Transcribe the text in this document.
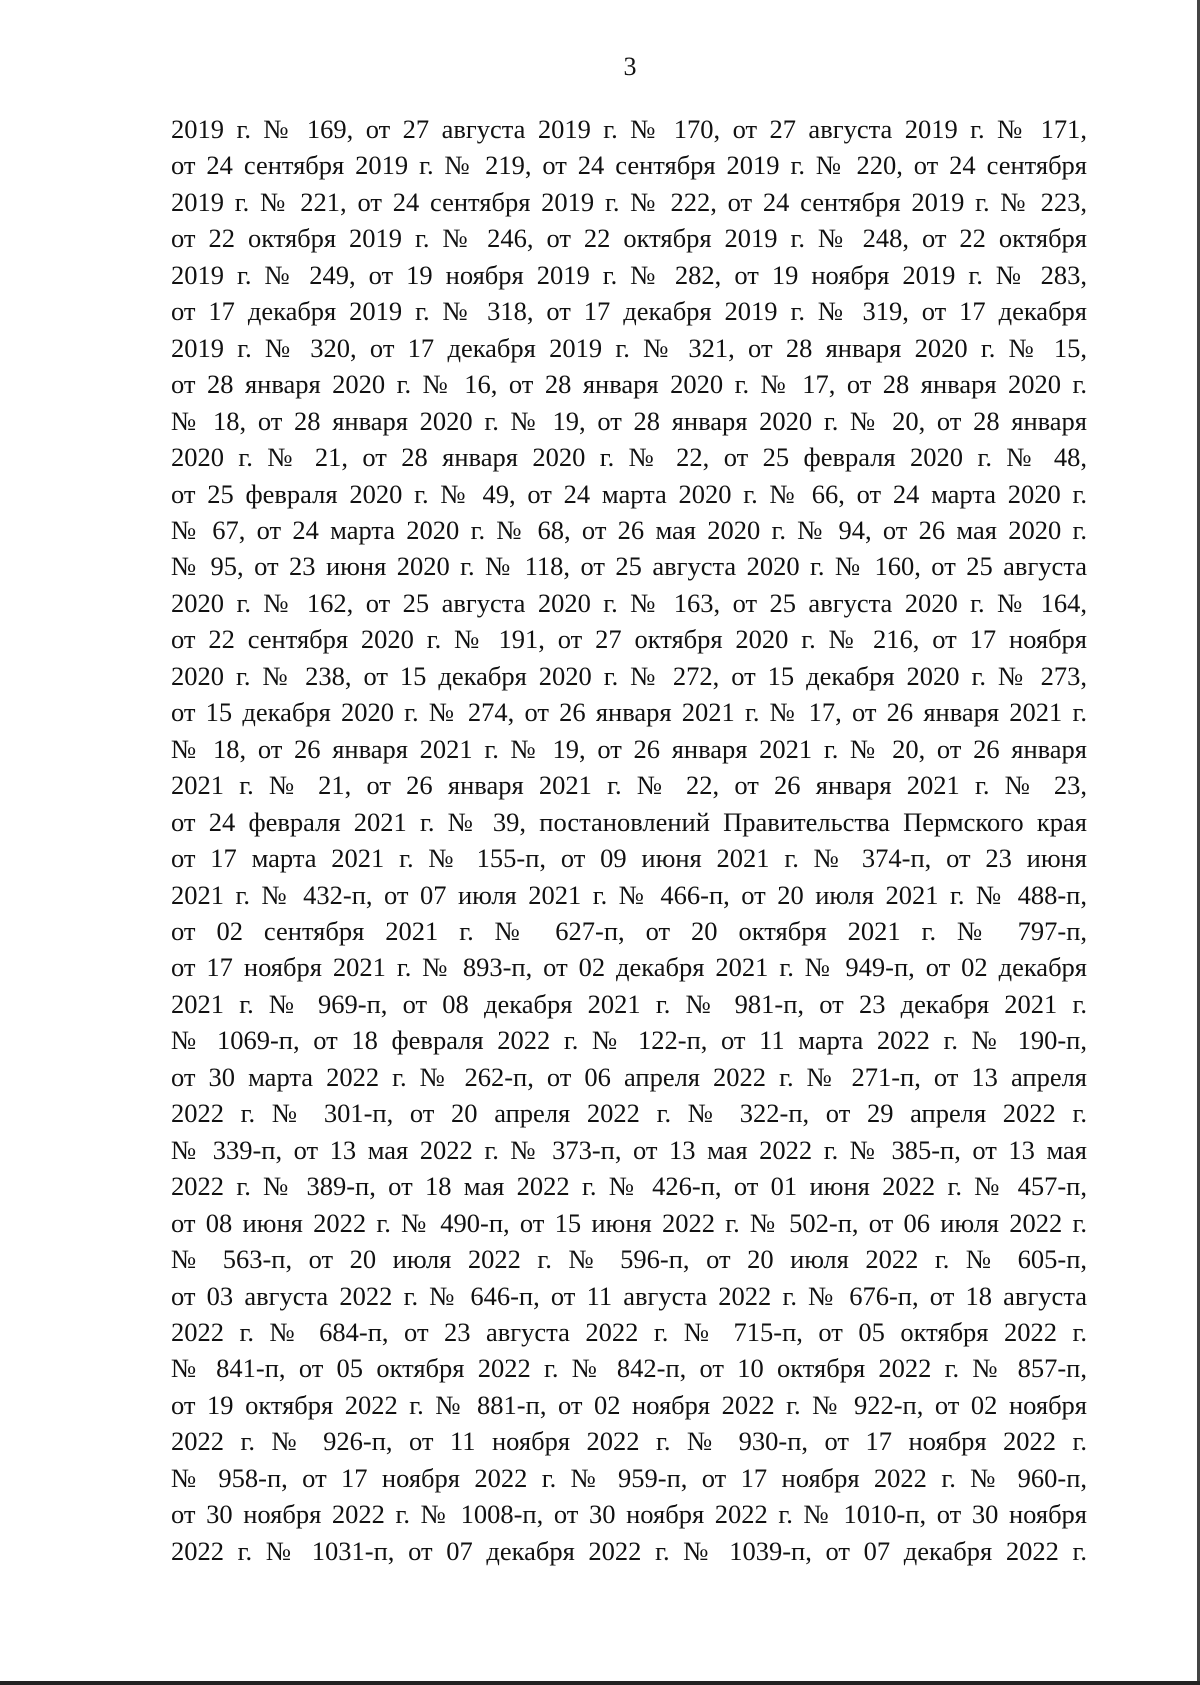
3
2019 г. № 169, от 27 августа 2019 г. № 170, от 27 августа 2019 г. № 171,
от 24 сентября 2019 г. № 219, от 24 сентября 2019 г. № 220, от 24 сентября
2019 г. № 221, от 24 сентября 2019 г. № 222, от 24 сентября 2019 г. № 223,
от 22 октября 2019 г. № 246, от 22 октября 2019 г. № 248, от 22 октября
2019 г. № 249, от 19 ноября 2019 г. № 282, от 19 ноября 2019 г. № 283,
от 17 декабря 2019 г. № 318, от 17 декабря 2019 г. № 319, от 17 декабря
2019 г. № 320, от 17 декабря 2019 г. № 321, от 28 января 2020 г. № 15,
от 28 января 2020 г. № 16, от 28 января 2020 г. № 17, от 28 января 2020 г.
№ 18, от 28 января 2020 г. № 19, от 28 января 2020 г. № 20, от 28 января
2020 г. № 21, от 28 января 2020 г. № 22, от 25 февраля 2020 г. № 48,
от 25 февраля 2020 г. № 49, от 24 марта 2020 г. № 66, от 24 марта 2020 г.
№ 67, от 24 марта 2020 г. № 68, от 26 мая 2020 г. № 94, от 26 мая 2020 г.
№ 95, от 23 июня 2020 г. № 118, от 25 августа 2020 г. № 160, от 25 августа
2020 г. № 162, от 25 августа 2020 г. № 163, от 25 августа 2020 г. № 164,
от 22 сентября 2020 г. № 191, от 27 октября 2020 г. № 216, от 17 ноября
2020 г. № 238, от 15 декабря 2020 г. № 272, от 15 декабря 2020 г. № 273,
от 15 декабря 2020 г. № 274, от 26 января 2021 г. № 17, от 26 января 2021 г.
№ 18, от 26 января 2021 г. № 19, от 26 января 2021 г. № 20, от 26 января
2021 г. № 21, от 26 января 2021 г. № 22, от 26 января 2021 г. № 23,
от 24 февраля 2021 г. № 39, постановлений Правительства Пермского края
от 17 марта 2021 г. № 155-п, от 09 июня 2021 г. № 374-п, от 23 июня
2021 г. № 432-п, от 07 июля 2021 г. № 466-п, от 20 июля 2021 г. № 488-п,
от 02 сентября 2021 г. № 627-п, от 20 октября 2021 г. № 797-п,
от 17 ноября 2021 г. № 893-п, от 02 декабря 2021 г. № 949-п, от 02 декабря
2021 г. № 969-п, от 08 декабря 2021 г. № 981-п, от 23 декабря 2021 г.
№ 1069-п, от 18 февраля 2022 г. № 122-п, от 11 марта 2022 г. № 190-п,
от 30 марта 2022 г. № 262-п, от 06 апреля 2022 г. № 271-п, от 13 апреля
2022 г. № 301-п, от 20 апреля 2022 г. № 322-п, от 29 апреля 2022 г.
№ 339-п, от 13 мая 2022 г. № 373-п, от 13 мая 2022 г. № 385-п, от 13 мая
2022 г. № 389-п, от 18 мая 2022 г. № 426-п, от 01 июня 2022 г. № 457-п,
от 08 июня 2022 г. № 490-п, от 15 июня 2022 г. № 502-п, от 06 июля 2022 г.
№ 563-п, от 20 июля 2022 г. № 596-п, от 20 июля 2022 г. № 605-п,
от 03 августа 2022 г. № 646-п, от 11 августа 2022 г. № 676-п, от 18 августа
2022 г. № 684-п, от 23 августа 2022 г. № 715-п, от 05 октября 2022 г.
№ 841-п, от 05 октября 2022 г. № 842-п, от 10 октября 2022 г. № 857-п,
от 19 октября 2022 г. № 881-п, от 02 ноября 2022 г. № 922-п, от 02 ноября
2022 г. № 926-п, от 11 ноября 2022 г. № 930-п, от 17 ноября 2022 г.
№ 958-п, от 17 ноября 2022 г. № 959-п, от 17 ноября 2022 г. № 960-п,
от 30 ноября 2022 г. № 1008-п, от 30 ноября 2022 г. № 1010-п, от 30 ноября
2022 г. № 1031-п, от 07 декабря 2022 г. № 1039-п, от 07 декабря 2022 г.
